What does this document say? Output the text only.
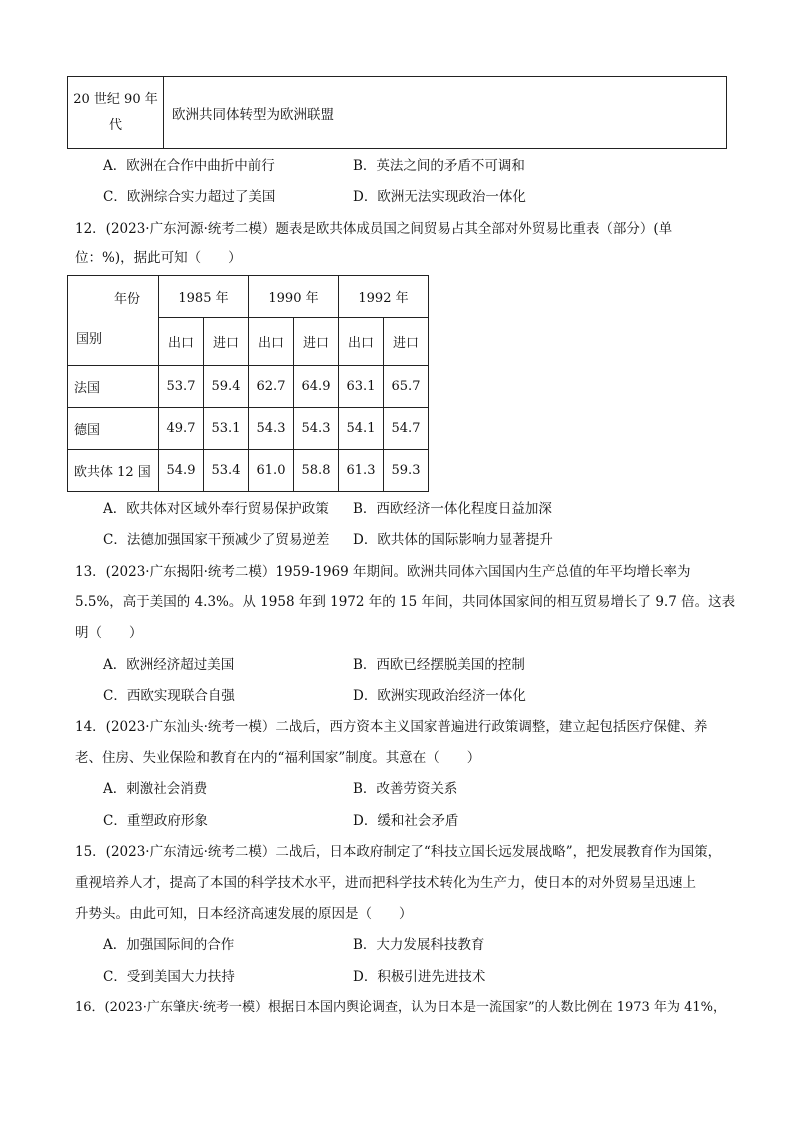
20 世纪 90 年
代
	欧洲共同体转型为欧洲联盟
A．欧洲在合作中曲折中前行	B．英法之间的矛盾不可调和
C．欧洲综合实力超过了美国	D．欧洲无法实现政治一体化
12．(2023·广东河源·统考二模）题表是欧共体成员国之间贸易占其全部对外贸易比重表（部分）(单
位：%)，据此可知（　　）
年份
国别	1985 年		1990 年		1992 年	
	出口	进口	出口	进口	出口	进口
法国	53.7	59.4	62.7	64.9	63.1	65.7
德国	49.7	53.1	54.3	54.3	54.1	54.7
欧共体 12 国	54.9	53.4	61.0	58.8	61.3	59.3
A．欧共体对区域外奉行贸易保护政策 B．西欧经济一体化程度日益加深
C．法德加强国家干预减少了贸易逆差 D．欧共体的国际影响力显著提升
13．(2023·广东揭阳·统考二模）1959-1969 年期间。欧洲共同体六国国内生产总值的年平均增长率为
5.5%，高于美国的 4.3%。从 1958 年到 1972 年的 15 年间，共同体国家间的相互贸易增长了 9.7 倍。这表
明（　　）
A．欧洲经济超过美国	B．西欧已经摆脱美国的控制
C．西欧实现联合自强	D．欧洲实现政治经济一体化
14．(2023·广东汕头·统考一模）二战后，西方资本主义国家普遍进行政策调整，建立起包括医疗保健、养
老、住房、失业保险和教育在内的“福利国家”制度。其意在（　　）
A．刺激社会消费	B．改善劳资关系
C．重塑政府形象	D．缓和社会矛盾
15．(2023·广东清远·统考二模）二战后，日本政府制定了“科技立国长远发展战略”，把发展教育作为国策，
重视培养人才，提高了本国的科学技术水平，进而把科学技术转化为生产力，使日本的对外贸易呈迅速上
升势头。由此可知，日本经济高速发展的原因是（　　）
A．加强国际间的合作	B．大力发展科技教育
C．受到美国大力扶持	D．积极引进先进技术
16．(2023·广东肇庆·统考一模）根据日本国内舆论调查，认为日本是一流国家”的人数比例在 1973 年为 41%，
